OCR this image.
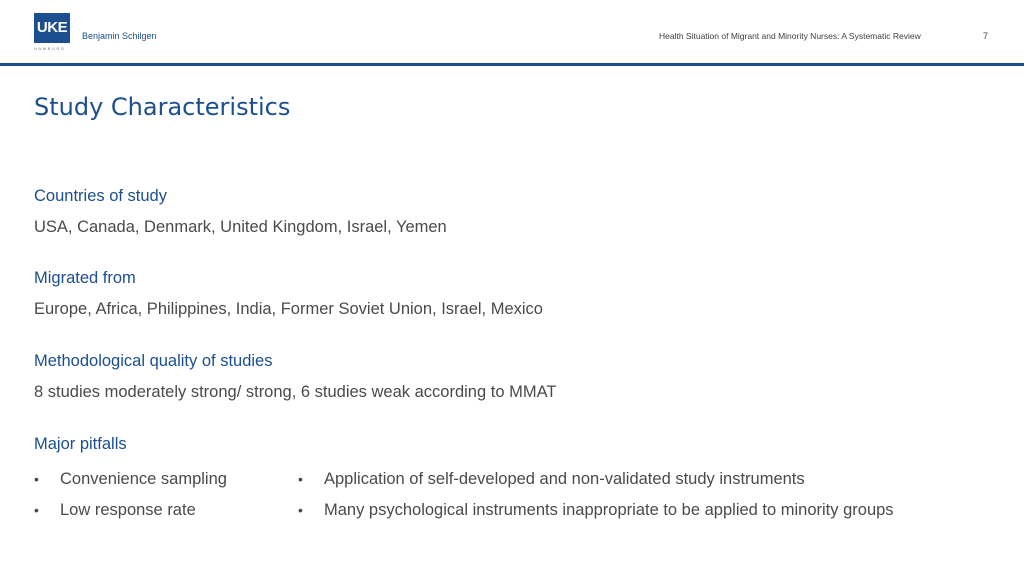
UKE
HAMBURG
Benjamin Schilgen	Health Situation of Migrant and Minority Nurses: A Systematic Review	7
Study Characteristics
Countries of study
USA, Canada, Denmark, United Kingdom, Israel, Yemen
Migrated from
Europe, Africa, Philippines, India, Former Soviet Union, Israel, Mexico
Methodological quality of studies
8 studies moderately strong/ strong, 6 studies weak according to MMAT
Major pitfalls
• Convenience sampling
• Low response rate
• Application of self-developed and non-validated study instruments
• Many psychological instruments inappropriate to be applied to minority groups
